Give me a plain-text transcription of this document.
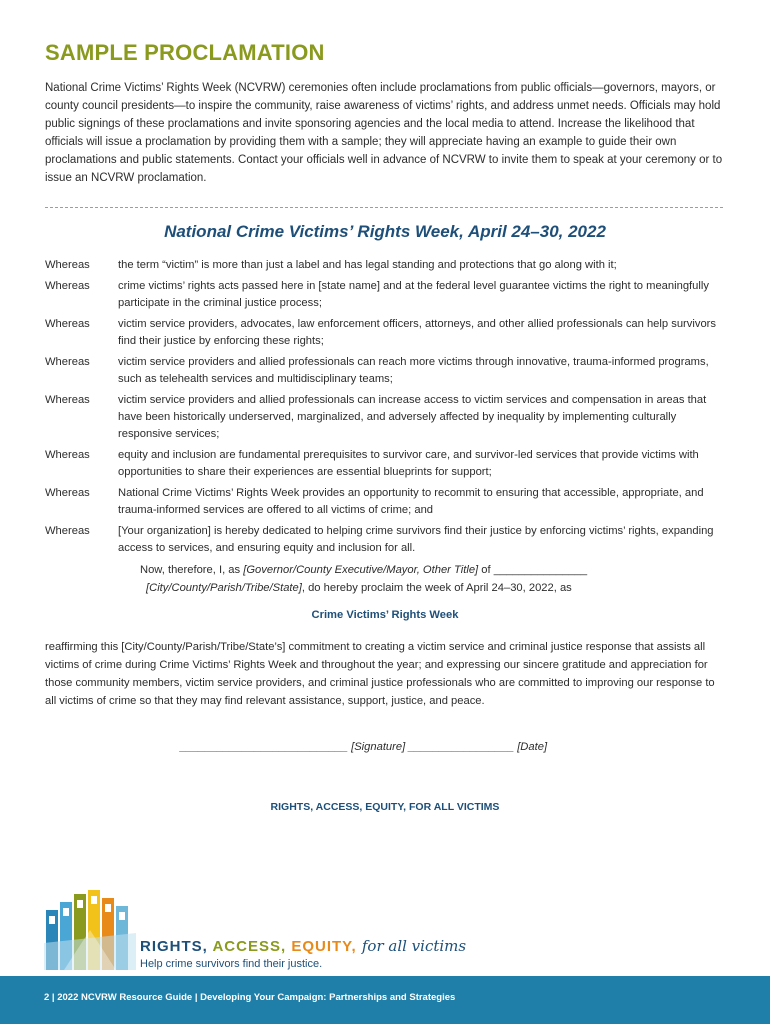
SAMPLE PROCLAMATION
National Crime Victims’ Rights Week (NCVRW) ceremonies often include proclamations from public officials—governors, mayors, or county council presidents—to inspire the community, raise awareness of victims’ rights, and address unmet needs. Officials may hold public signings of these proclamations and invite sponsoring agencies and the local media to attend. Increase the likelihood that officials will issue a proclamation by providing them with a sample; they will appreciate having an example to guide their own proclamations and public statements. Contact your officials well in advance of NCVRW to invite them to speak at your ceremony or to issue an NCVRW proclamation.
National Crime Victims’ Rights Week, April 24–30, 2022
Whereas	the term “victim” is more than just a label and has legal standing and protections that go along with it;
Whereas	crime victims’ rights acts passed here in [state name] and at the federal level guarantee victims the right to meaningfully participate in the criminal justice process;
Whereas	victim service providers, advocates, law enforcement officers, attorneys, and other allied professionals can help survivors find their justice by enforcing these rights;
Whereas	victim service providers and allied professionals can reach more victims through innovative, trauma-informed programs, such as telehealth services and multidisciplinary teams;
Whereas	victim service providers and allied professionals can increase access to victim services and compensation in areas that have been historically underserved, marginalized, and adversely affected by inequality by implementing culturally responsive services;
Whereas	equity and inclusion are fundamental prerequisites to survivor care, and survivor-led services that provide victims with opportunities to share their experiences are essential blueprints for support;
Whereas	National Crime Victims’ Rights Week provides an opportunity to recommit to ensuring that accessible, appropriate, and trauma-informed services are offered to all victims of crime; and
Whereas	[Your organization] is hereby dedicated to helping crime survivors find their justice by enforcing victims’ rights, expanding access to services, and ensuring equity and inclusion for all.
Now, therefore, I, as [Governor/County Executive/Mayor, Other Title] of _______________
[City/County/Parish/Tribe/State], do hereby proclaim the week of April 24–30, 2022, as
Crime Victims’ Rights Week
reaffirming this [City/County/Parish/Tribe/State’s] commitment to creating a victim service and criminal justice response that assists all victims of crime during Crime Victims’ Rights Week and throughout the year; and expressing our sincere gratitude and appreciation for those community members, victim service providers, and criminal justice professionals who are committed to improving our response to all victims of crime so that they may find relevant assistance, support, justice, and peace.
___________________________ [Signature] _________________ [Date]
RIGHTS, ACCESS, EQUITY, FOR ALL VICTIMS
RIGHTS, ACCESS, EQUITY, for all victims
Help crime survivors find their justice.
2 | 2022 NCVRW Resource Guide | Developing Your Campaign: Partnerships and Strategies
